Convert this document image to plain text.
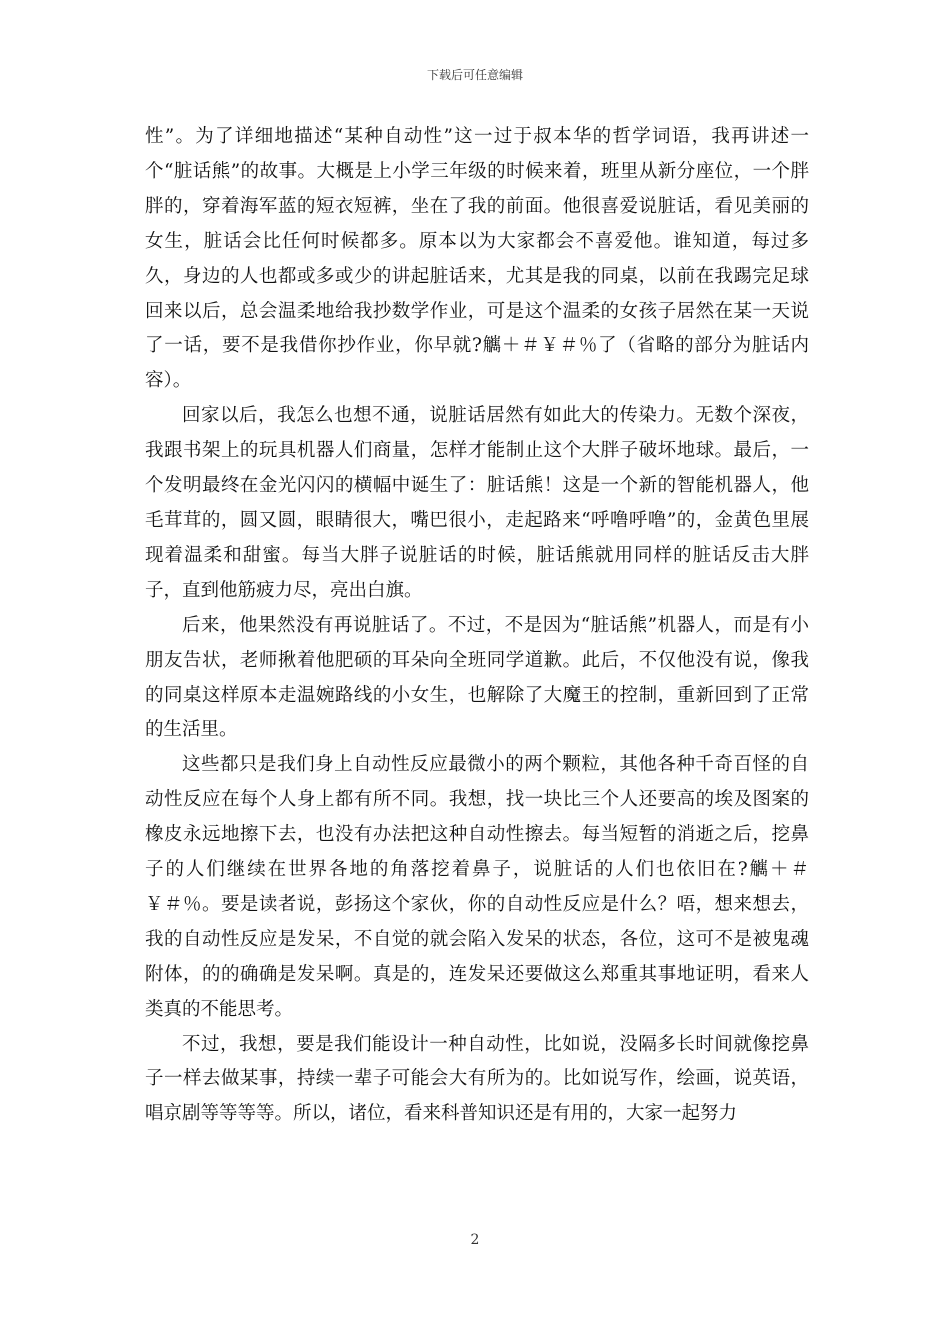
下载后可任意编辑

性”。为了详细地描述“某种自动性”这一过于叔本华的哲学词语，我再讲述一个“脏话熊”的故事。大概是上小学三年级的时候来着，班里从新分座位，一个胖胖的，穿着海军蓝的短衣短裤，坐在了我的前面。他很喜爱说脏话，看见美丽的女生，脏话会比任何时候都多。原本以为大家都会不喜爱他。谁知道，每过多久，身边的人也都或多或少的讲起脏话来，尤其是我的同桌，以前在我踢完足球回来以后，总会温柔地给我抄数学作业，可是这个温柔的女孩子居然在某一天说了一话，要不是我借你抄作业，你早就?觽＋＃￥＃％了（省略的部分为脏话内容）。

回家以后，我怎么也想不通，说脏话居然有如此大的传染力。无数个深夜，我跟书架上的玩具机器人们商量，怎样才能制止这个大胖子破坏地球。最后，一个发明最终在金光闪闪的横幅中诞生了：脏话熊！这是一个新的智能机器人，他毛茸茸的，圆又圆，眼睛很大，嘴巴很小，走起路来“呼噜呼噜”的，金黄色里展现着温柔和甜蜜。每当大胖子说脏话的时候，脏话熊就用同样的脏话反击大胖子，直到他筋疲力尽，亮出白旗。

后来，他果然没有再说脏话了。不过，不是因为“脏话熊”机器人，而是有小朋友告状，老师揪着他肥硕的耳朵向全班同学道歉。此后，不仅他没有说，像我的同桌这样原本走温婉路线的小女生，也解除了大魔王的控制，重新回到了正常的生活里。

这些都只是我们身上自动性反应最微小的两个颗粒，其他各种千奇百怪的自动性反应在每个人身上都有所不同。我想，找一块比三个人还要高的埃及图案的橡皮永远地擦下去，也没有办法把这种自动性擦去。每当短暂的消逝之后，挖鼻子的人们继续在世界各地的角落挖着鼻子，说脏话的人们也依旧在?觽＋＃￥＃％。要是读者说，彭扬这个家伙，你的自动性反应是什么？唔，想来想去，我的自动性反应是发呆，不自觉的就会陷入发呆的状态，各位，这可不是被鬼魂附体，的的确确是发呆啊。真是的，连发呆还要做这么郑重其事地证明，看来人类真的不能思考。

不过，我想，要是我们能设计一种自动性，比如说，没隔多长时间就像挖鼻子一样去做某事，持续一辈子可能会大有所为的。比如说写作，绘画，说英语，唱京剧等等等等。所以，诸位，看来科普知识还是有用的，大家一起努力

2
